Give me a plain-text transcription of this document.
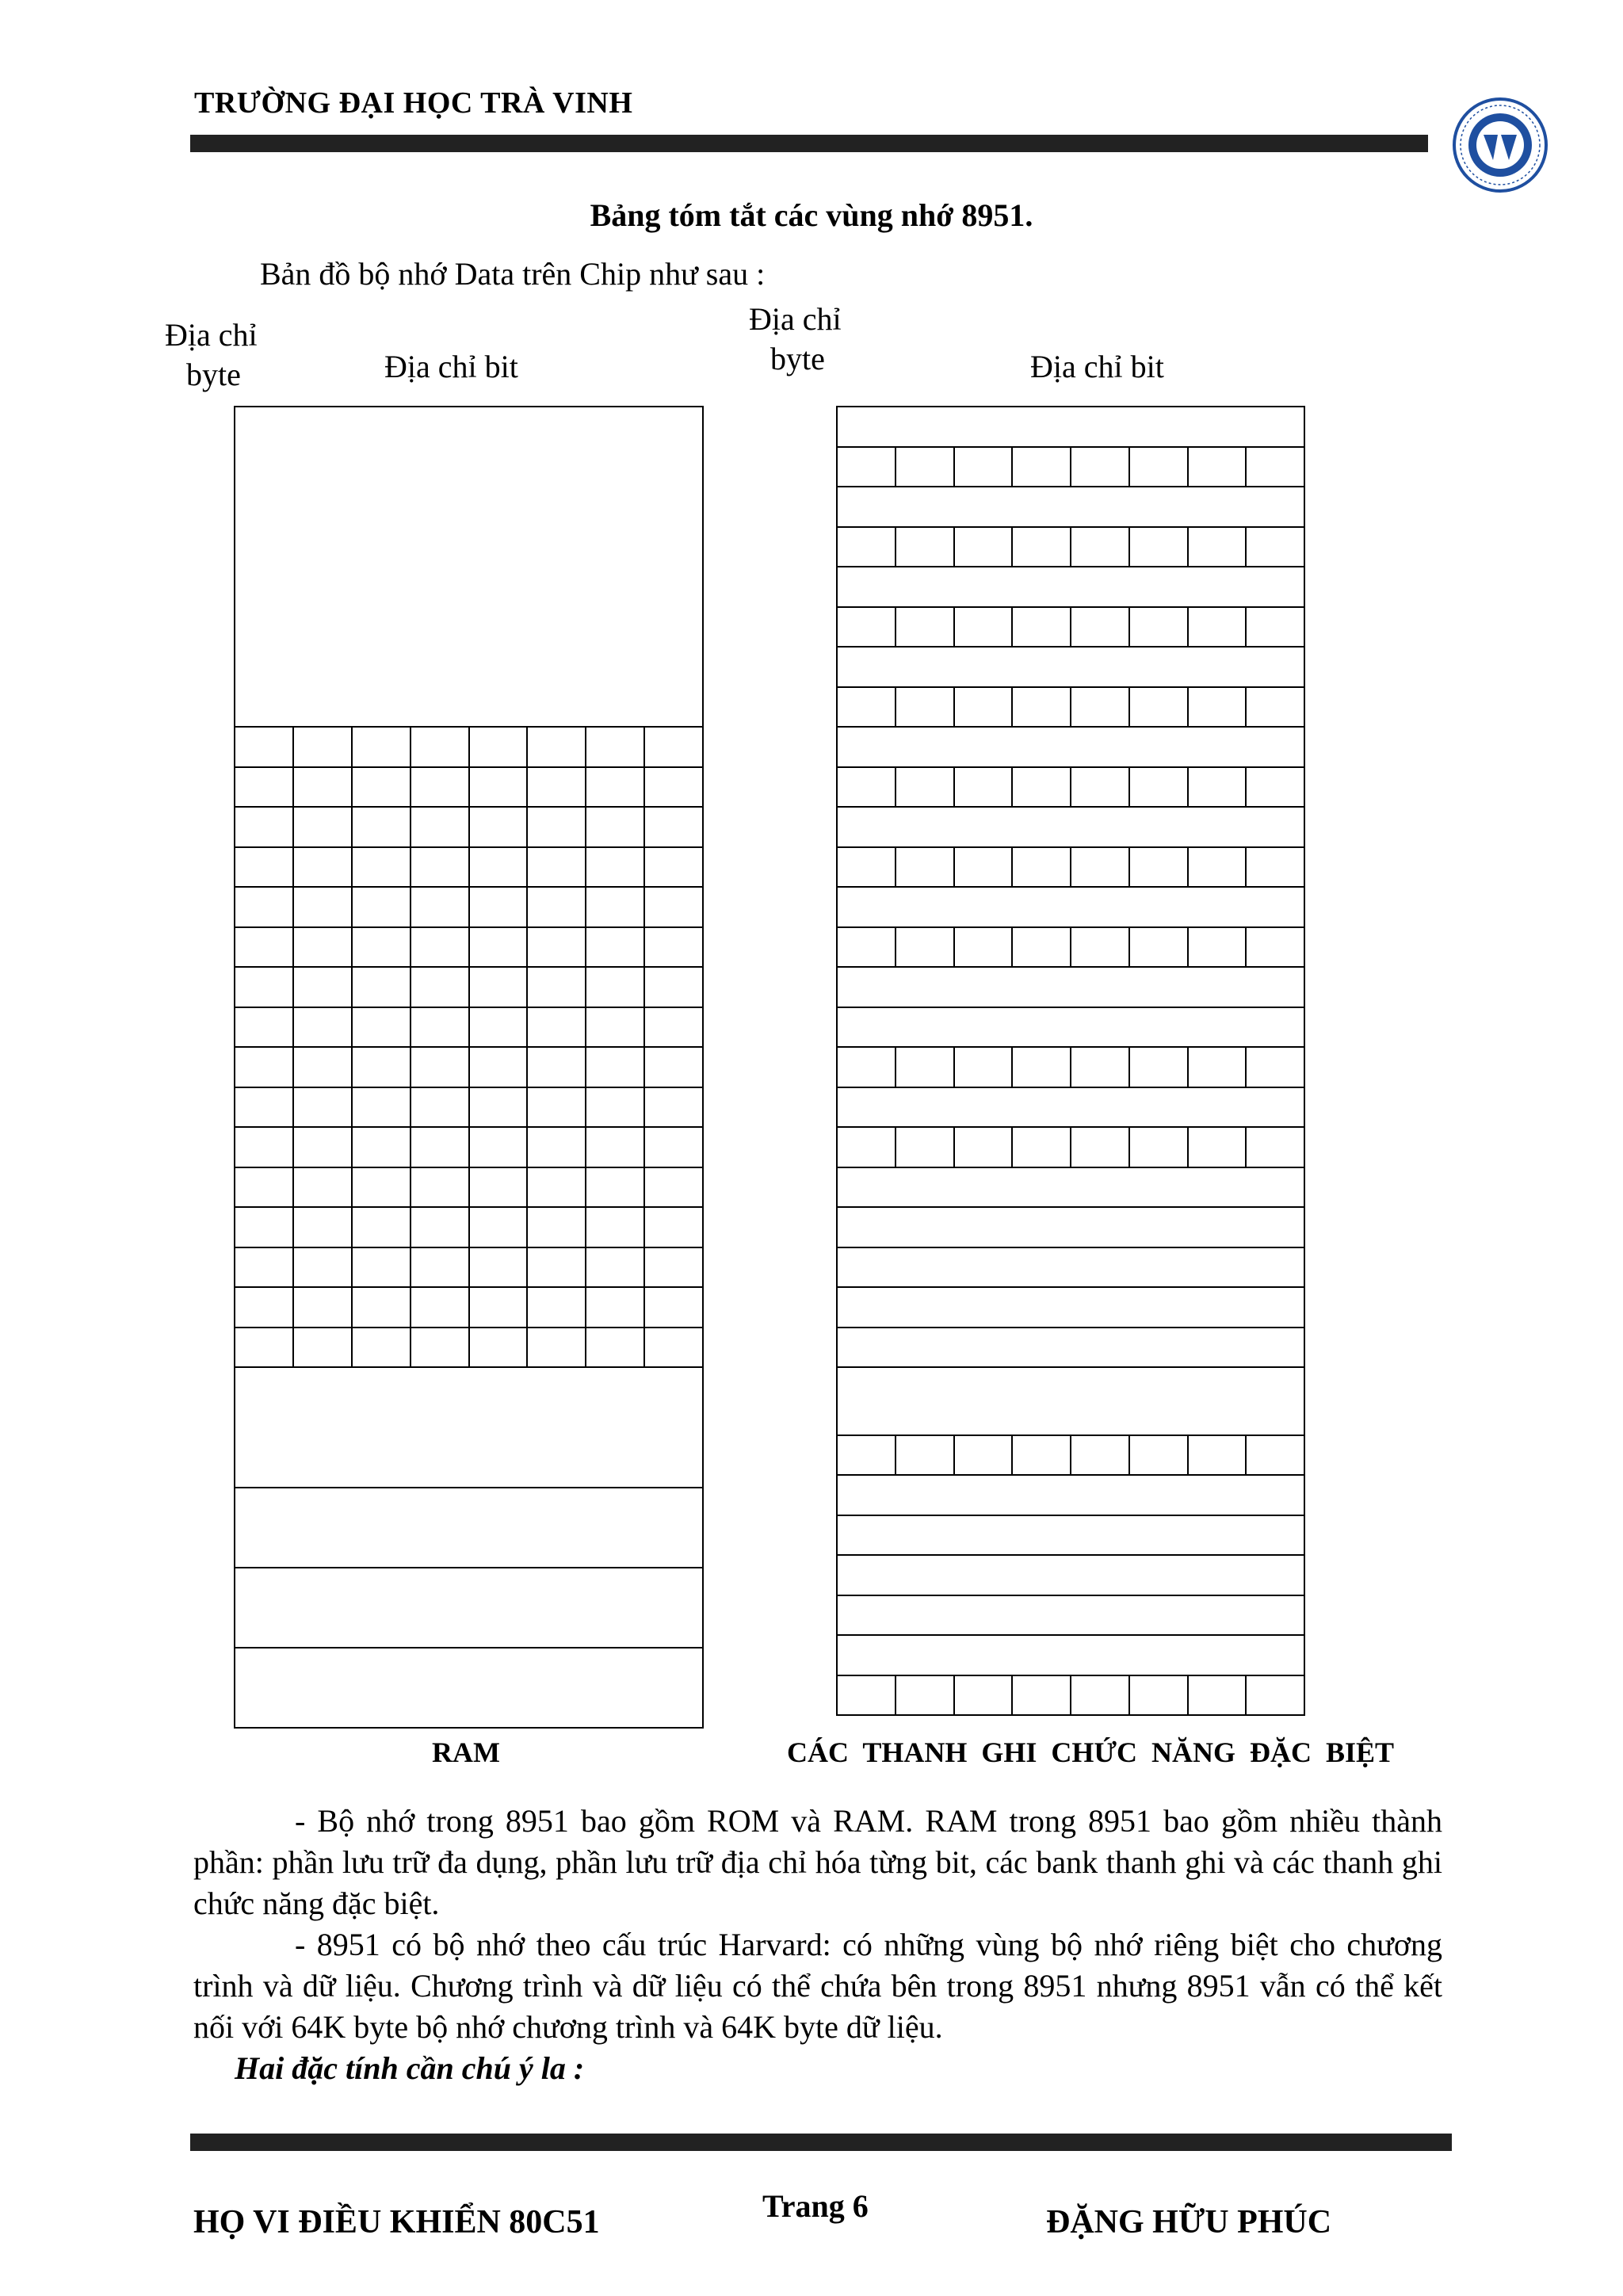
TRƯỜNG ĐẠI HỌC TRÀ VINH
Bảng tóm tắt các vùng nhớ 8951.
Bản đồ bộ nhớ Data trên Chip như sau :
Địa chỉ
byte	Địa chỉ bit
Địa chỉ
byte	Địa chỉ bit
RAM	CÁC  THANH  GHI  CHỨC  NĂNG  ĐẶC  BIỆT

- Bộ nhớ trong 8951 bao gồm ROM và RAM. RAM trong 8951 bao gồm nhiều thành phần: phần lưu trữ đa dụng, phần lưu trữ địa chỉ hóa từng bit, các bank thanh ghi và các thanh ghi chức năng đặc biệt.

- 8951 có bộ nhớ theo cấu trúc Harvard: có những vùng bộ nhớ riêng biệt cho chương trình và dữ liệu. Chương trình và dữ liệu có thể chứa bên trong 8951 nhưng 8951 vẫn có thể kết nối với 64K byte bộ nhớ chương trình và 64K byte dữ liệu.

Hai đặc tính cần chú ý la :

HỌ VI ĐIỀU KHIỂN 80C51	Trang 6	ĐẶNG HỮU PHÚC
